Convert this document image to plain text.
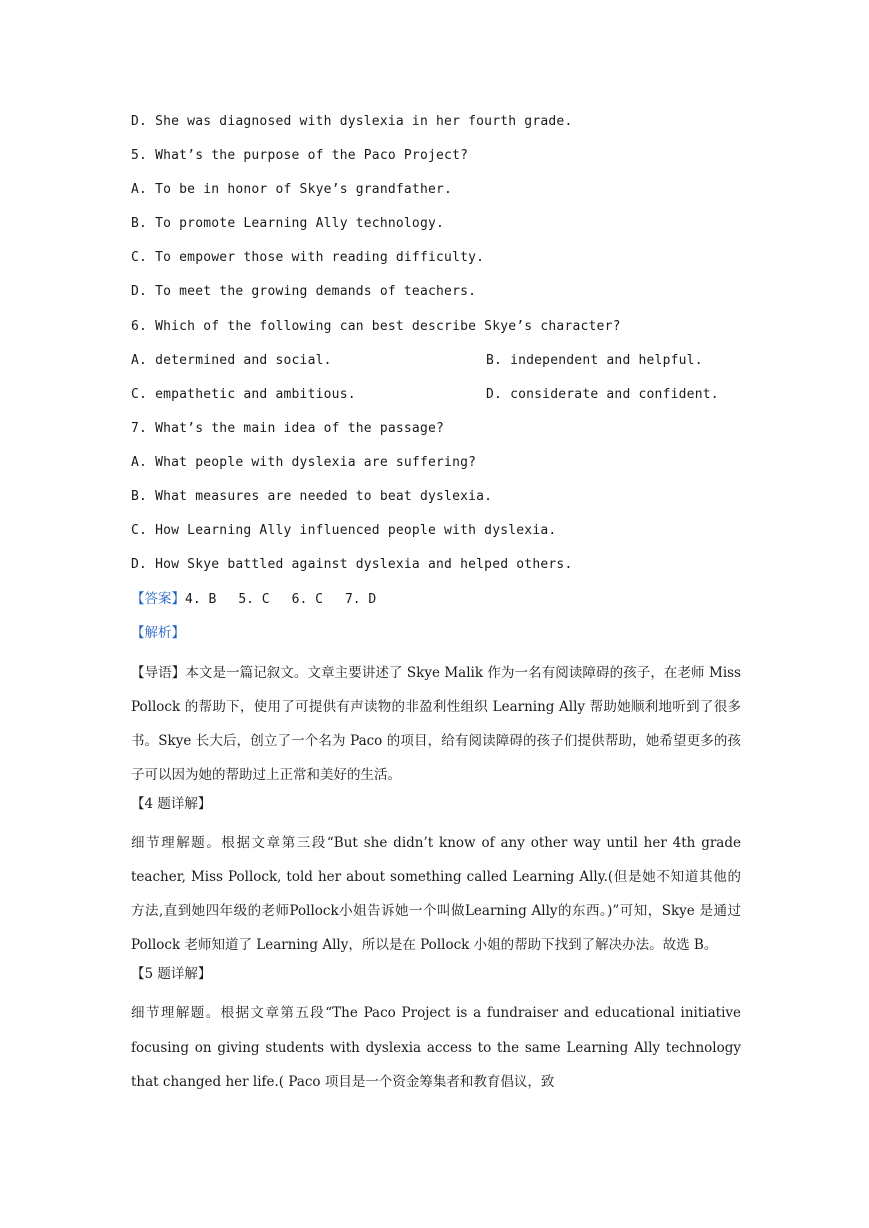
D. She was diagnosed with dyslexia in her fourth grade.

5. What’s the purpose of the Paco Project?

A. To be in honor of Skye’s grandfather.

B. To promote Learning Ally technology.

C. To empower those with reading difficulty.

D. To meet the growing demands of teachers.

6. Which of the following can best describe Skye’s character?

A. determined and social.	B. independent and helpful.
C. empathetic and ambitious.	D. considerate and confident.

7. What’s the main idea of the passage?

A. What people with dyslexia are suffering?

B. What measures are needed to beat dyslexia.

C. How Learning Ally influenced people with dyslexia.

D. How Skye battled against dyslexia and helped others.

【答案】4. B 5. C 6. C 7. D

【解析】

【导语】本文是一篇记叙文。文章主要讲述了 Skye Malik 作为一名有阅读障碍的孩子，在老师 Miss Pollock 的帮助下，使用了可提供有声读物的非盈利性组织 Learning Ally 帮助她顺利地听到了很多书。Skye 长大后，创立了一个名为 Paco 的项目，给有阅读障碍的孩子们提供帮助，她希望更多的孩子可以因为她的帮助过上正常和美好的生活。

【4 题详解】

细节理解题。根据文章第三段“But she didn’t know of any other way until her 4th grade teacher, Miss Pollock, told her about something called Learning Ally.(但是她不知道其他的方法,直到她四年级的老师Pollock小姐告诉她一个叫做Learning Ally的东西。)”可知，Skye 是通过 Pollock 老师知道了 Learning Ally，所以是在 Pollock 小姐的帮助下找到了解决办法。故选 B。

【5 题详解】

细节理解题。根据文章第五段“The Paco Project is a fundraiser and educational initiative focusing on giving students with dyslexia access to the same Learning Ally technology that changed her life.( Paco 项目是一个资金筹集者和教育倡议，致
